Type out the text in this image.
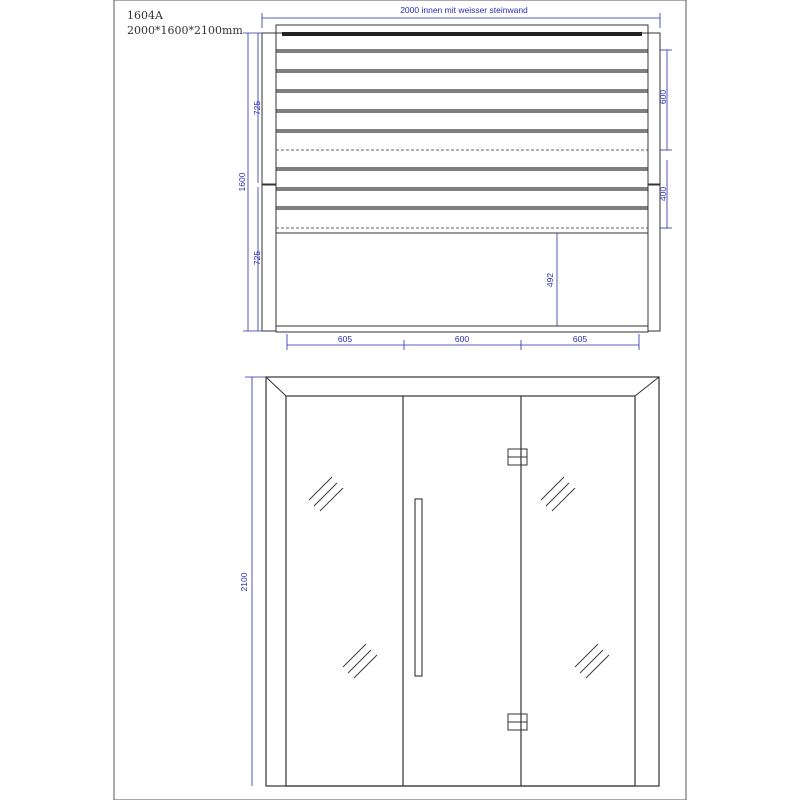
1604A
2000*1600*2100mm
2000 innen mit weisser steinwand
1600
725
725
600
400
492
605	600	605
2100
